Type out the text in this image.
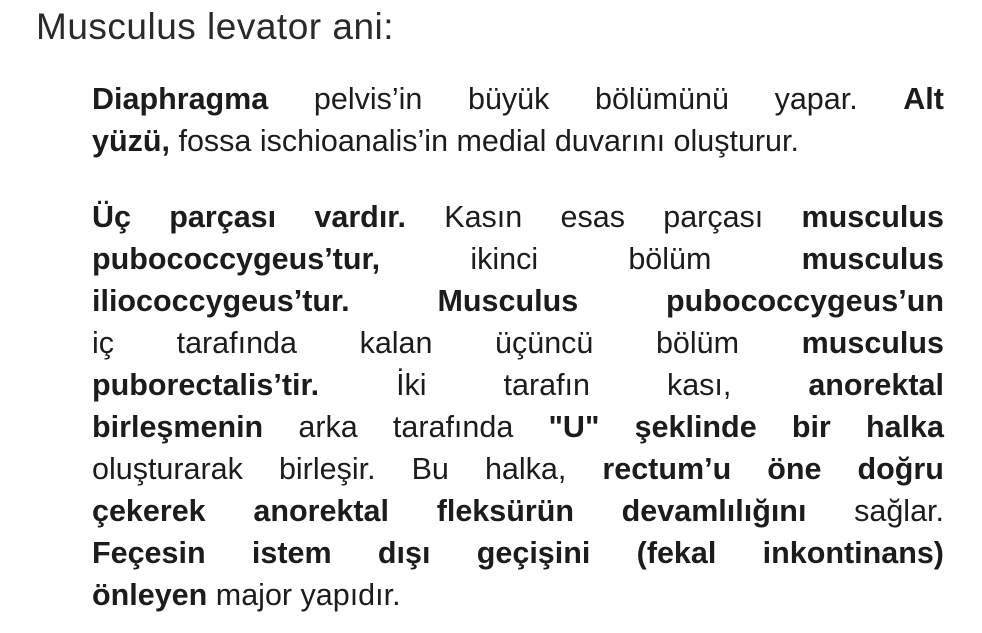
Musculus levator ani:
Diaphragma pelvis’in büyük bölümünü yapar. Alt
yüzü, fossa ischioanalis’in medial duvarını oluşturur.
Üç parçası vardır. Kasın esas parçası musculus
pubococcygeus’tur,	ikinci	bölüm	musculus
iliococcygeus’tur.	Musculus	pubococcygeus’un
iç tarafında kalan üçüncü bölüm musculus
puborectalis’tir.	İki	tarafın	kası,	anorektal
birleşmenin arka tarafında "U" şeklinde bir halka
oluşturarak birleşir. Bu halka, rectum’u öne doğru
çekerek anorektal fleksürün devamlılığını sağlar.
Feçesin istem dışı geçişini (fekal inkontinans)
önleyen major yapıdır.
